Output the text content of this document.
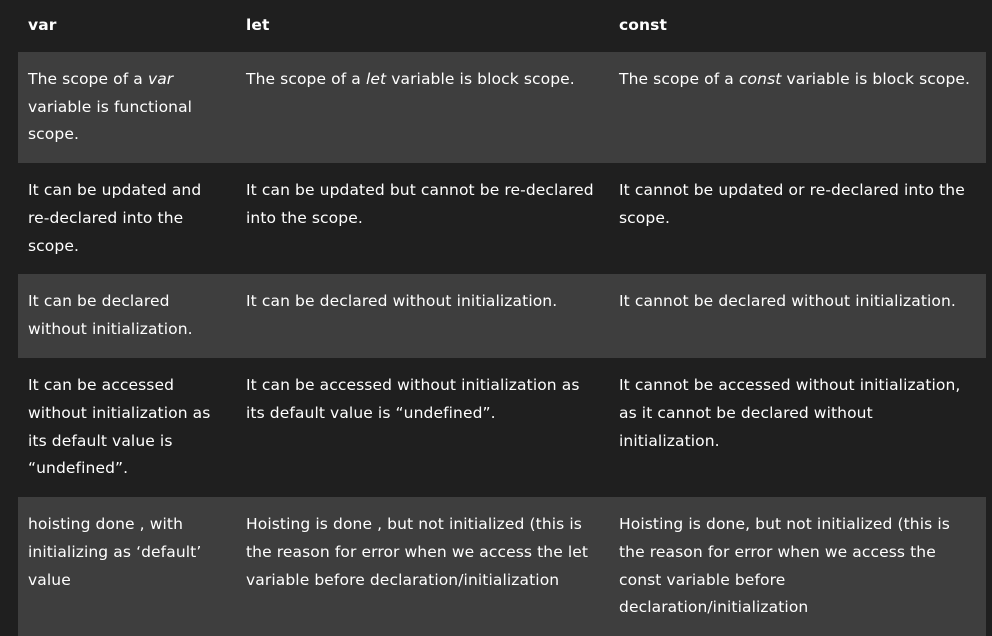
var	let	const
The scope of a var variable is functional scope.	The scope of a let variable is block scope.	The scope of a const variable is block scope.
It can be updated and re-declared into the scope.	It can be updated but cannot be re-declared into the scope.	It cannot be updated or re-declared into the scope.
It can be declared without initialization.	It can be declared without initialization.	It cannot be declared without initialization.
It can be accessed without initialization as its default value is “undefined”.	It can be accessed without initialization as its default value is “undefined”.	It cannot be accessed without initialization, as it cannot be declared without initialization.
hoisting done , with initializing as ‘default’ value	Hoisting is done , but not initialized (this is the reason for error when we access the let variable before declaration/initialization	Hoisting is done, but not initialized (this is the reason for error when we access the const variable before declaration/initialization
